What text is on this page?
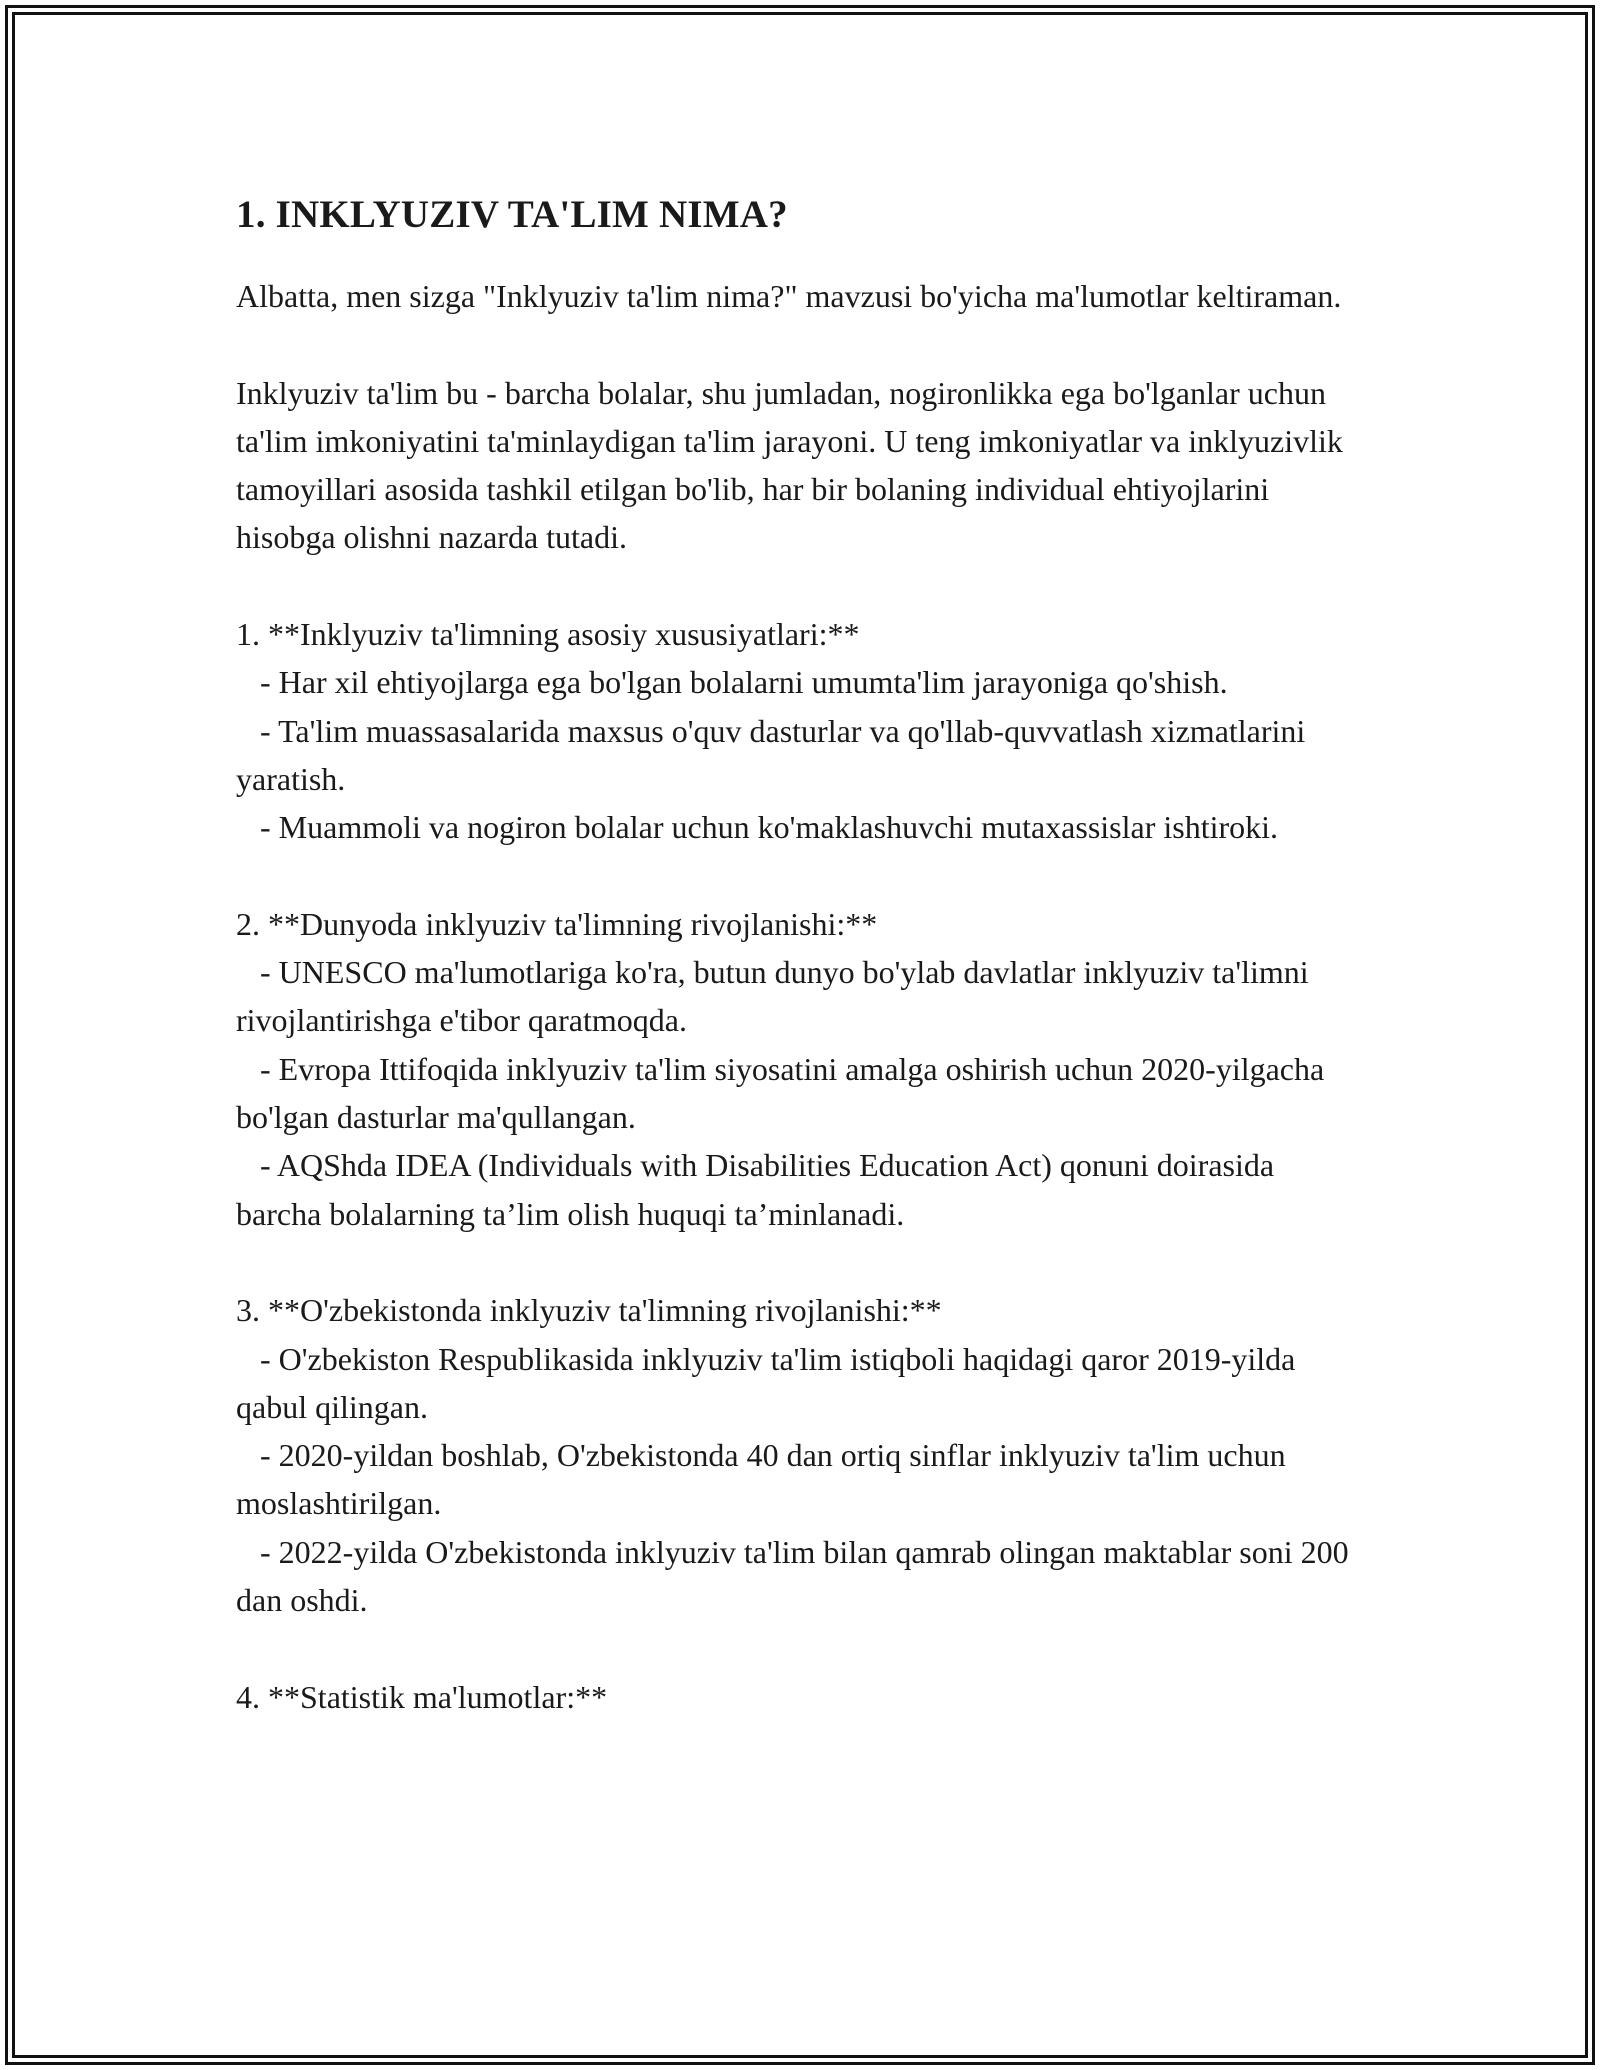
1. INKLYUZIV TA'LIM NIMA?

Albatta, men sizga "Inklyuziv ta'lim nima?" mavzusi bo'yicha ma'lumotlar keltiraman.

Inklyuziv ta'lim bu - barcha bolalar, shu jumladan, nogironlikka ega bo'lganlar uchun ta'lim imkoniyatini ta'minlaydigan ta'lim jarayoni. U teng imkoniyatlar va inklyuzivlik tamoyillari asosida tashkil etilgan bo'lib, har bir bolaning individual ehtiyojlarini hisobga olishni nazarda tutadi.

1. **Inklyuziv ta'limning asosiy xususiyatlari:**

- Har xil ehtiyojlarga ega bo'lgan bolalarni umumta'lim jarayoniga qo'shish.

- Ta'lim muassasalarida maxsus o'quv dasturlar va qo'llab-quvvatlash xizmatlarini yaratish.

- Muammoli va nogiron bolalar uchun ko'maklashuvchi mutaxassislar ishtiroki.

2. **Dunyoda inklyuziv ta'limning rivojlanishi:**

- UNESCO ma'lumotlariga ko'ra, butun dunyo bo'ylab davlatlar inklyuziv ta'limni rivojlantirishga e'tibor qaratmoqda.

- Evropa Ittifoqida inklyuziv ta'lim siyosatini amalga oshirish uchun 2020-yilgacha bo'lgan dasturlar ma'qullangan.

- AQShda IDEA (Individuals with Disabilities Education Act) qonuni doirasida barcha bolalarning ta’lim olish huquqi ta’minlanadi.

3. **O'zbekistonda inklyuziv ta'limning rivojlanishi:**

- O'zbekiston Respublikasida inklyuziv ta'lim istiqboli haqidagi qaror 2019-yilda qabul qilingan.

- 2020-yildan boshlab, O'zbekistonda 40 dan ortiq sinflar inklyuziv ta'lim uchun moslashtirilgan.

- 2022-yilda O'zbekistonda inklyuziv ta'lim bilan qamrab olingan maktablar soni 200 dan oshdi.

4. **Statistik ma'lumotlar:**
